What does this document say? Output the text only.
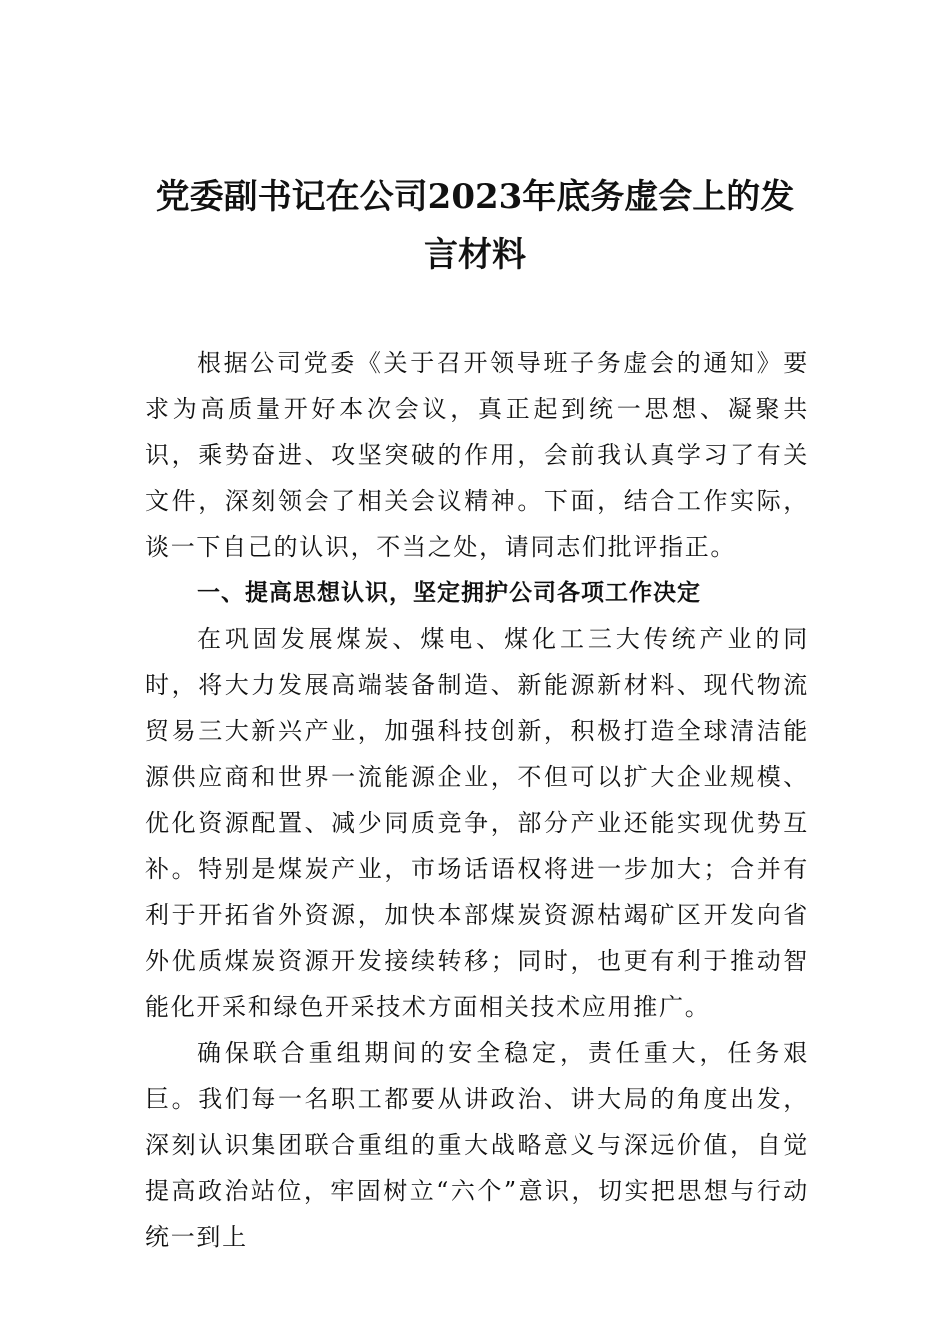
党委副书记在公司2023年底务虚会上的发言材料

根据公司党委《关于召开领导班子务虚会的通知》要求为高质量开好本次会议，真正起到统一思想、凝聚共识，乘势奋进、攻坚突破的作用，会前我认真学习了有关文件，深刻领会了相关会议精神。下面，结合工作实际，谈一下自己的认识，不当之处，请同志们批评指正。

一、提高思想认识，坚定拥护公司各项工作决定

在巩固发展煤炭、煤电、煤化工三大传统产业的同时，将大力发展高端装备制造、新能源新材料、现代物流贸易三大新兴产业，加强科技创新，积极打造全球清洁能源供应商和世界一流能源企业，不但可以扩大企业规模、优化资源配置、减少同质竞争，部分产业还能实现优势互补。特别是煤炭产业，市场话语权将进一步加大；合并有利于开拓省外资源，加快本部煤炭资源枯竭矿区开发向省外优质煤炭资源开发接续转移；同时，也更有利于推动智能化开采和绿色开采技术方面相关技术应用推广。

确保联合重组期间的安全稳定，责任重大，任务艰巨。我们每一名职工都要从讲政治、讲大局的角度出发，深刻认识集团联合重组的重大战略意义与深远价值，自觉提高政治站位，牢固树立“六个”意识，切实把思想与行动统一到上
